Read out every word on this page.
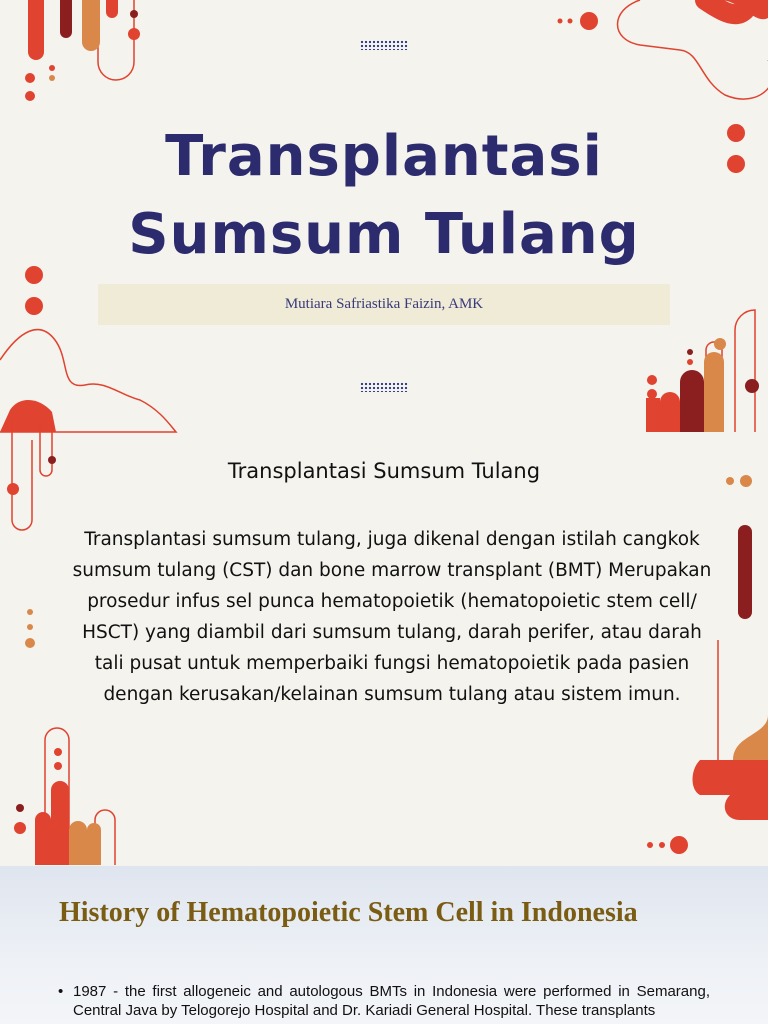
Transplantasi
Sumsum Tulang
Mutiara Safriastika Faizin, AMK
Transplantasi Sumsum Tulang

Transplantasi sumsum tulang, juga dikenal dengan istilah cangkok sumsum tulang (CST) dan bone marrow transplant (BMT) Merupakan prosedur infus sel punca hematopoietik (hematopoietic stem cell/ HSCT) yang diambil dari sumsum tulang, darah perifer, atau darah tali pusat untuk memperbaiki fungsi hematopoietik pada pasien dengan kerusakan/kelainan sumsum tulang atau sistem imun.

History of Hematopoietic Stem Cell in Indonesia
• 1987 - the first allogeneic and autologous BMTs in Indonesia were performed in Semarang, Central Java by Telogorejo Hospital and Dr. Kariadi General Hospital. These transplants
